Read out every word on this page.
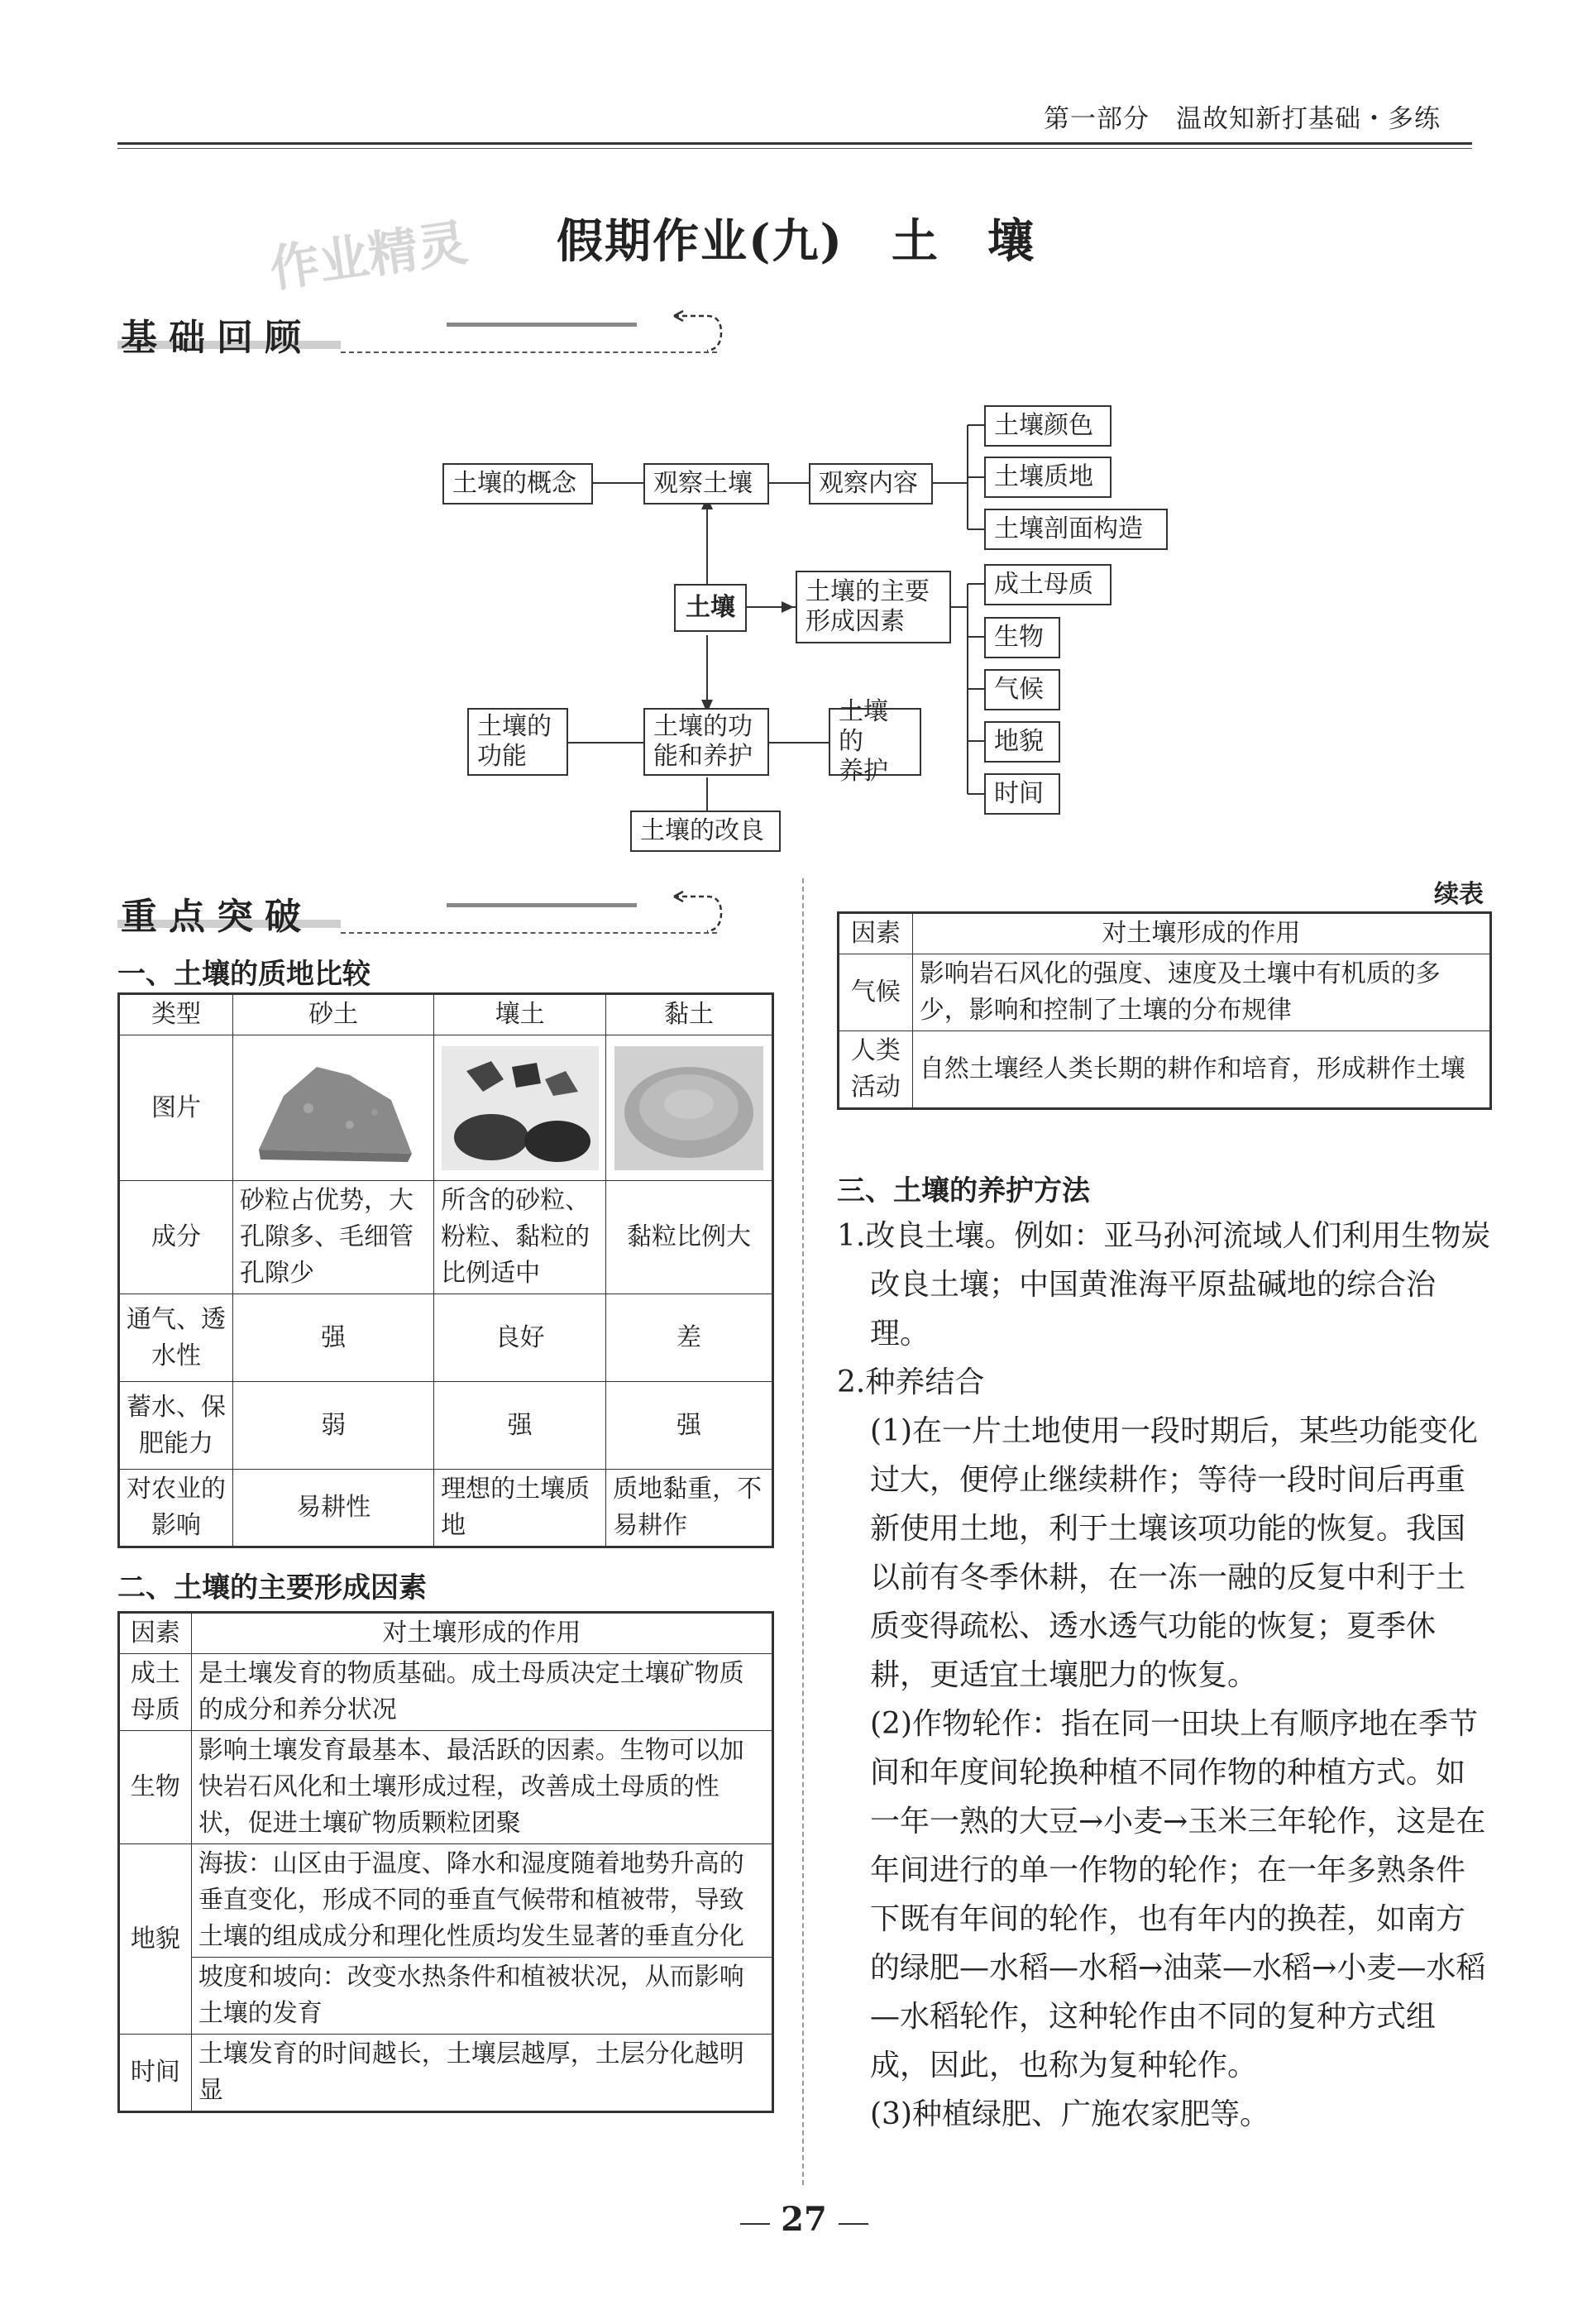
第一部分　温故知新打基础・多练
作业精灵	假期作业(九)　土　壤
基础回顾
土壤的概念	观察土壤	观察内容
土壤颜色
土壤质地
土壤剖面构造
土壤
土壤的主要
形成因素
成土母质
生物
气候
地貌
时间
土壤的
功能
土壤的功
能和养护
土壤的
养护
土壤的改良
重点突破
一、土壤的质地比较
类型	砂土	壤土	黏土
图片	

成分	砂粒占优势，大孔隙多、毛细管孔隙少	所含的砂粒、粉粒、黏粒的比例适中	黏粒比例大
通气、透水性	强	良好	差
蓄水、保肥能力	弱	强	强
对农业的影响	易耕性	理想的土壤质地	质地黏重，不易耕作
二、土壤的主要形成因素
因素	对土壤形成的作用
成土母质	是土壤发育的物质基础。成土母质决定土壤矿物质的成分和养分状况
生物	影响土壤发育最基本、最活跃的因素。生物可以加快岩石风化和土壤形成过程，改善成土母质的性状，促进土壤矿物质颗粒团聚
地貌	海拔：山区由于温度、降水和湿度随着地势升高的垂直变化，形成不同的垂直气候带和植被带，导致土壤的组成成分和理化性质均发生显著的垂直分化
	坡度和坡向：改变水热条件和植被状况，从而影响土壤的发育
时间	土壤发育的时间越长，土壤层越厚，土层分化越明显
续表
因素	对土壤形成的作用
气候	影响岩石风化的强度、速度及土壤中有机质的多少，影响和控制了土壤的分布规律
人类活动	自然土壤经人类长期的耕作和培育，形成耕作土壤
三、土壤的养护方法
1.改良土壤。例如：亚马孙河流域人们利用生物炭改良土壤；中国黄淮海平原盐碱地的综合治理。
2.种养结合
(1)在一片土地使用一段时期后，某些功能变化过大，便停止继续耕作；等待一段时间后再重新使用土地，利于土壤该项功能的恢复。我国以前有冬季休耕，在一冻一融的反复中利于土质变得疏松、透水透气功能的恢复；夏季休耕，更适宜土壤肥力的恢复。
(2)作物轮作：指在同一田块上有顺序地在季节间和年度间轮换种植不同作物的种植方式。如一年一熟的大豆→小麦→玉米三年轮作，这是在年间进行的单一作物的轮作；在一年多熟条件下既有年间的轮作，也有年内的换茬，如南方的绿肥—水稻—水稻→油菜—水稻→小麦—水稻—水稻轮作，这种轮作由不同的复种方式组成，因此，也称为复种轮作。
(3)种植绿肥、广施农家肥等。
27
